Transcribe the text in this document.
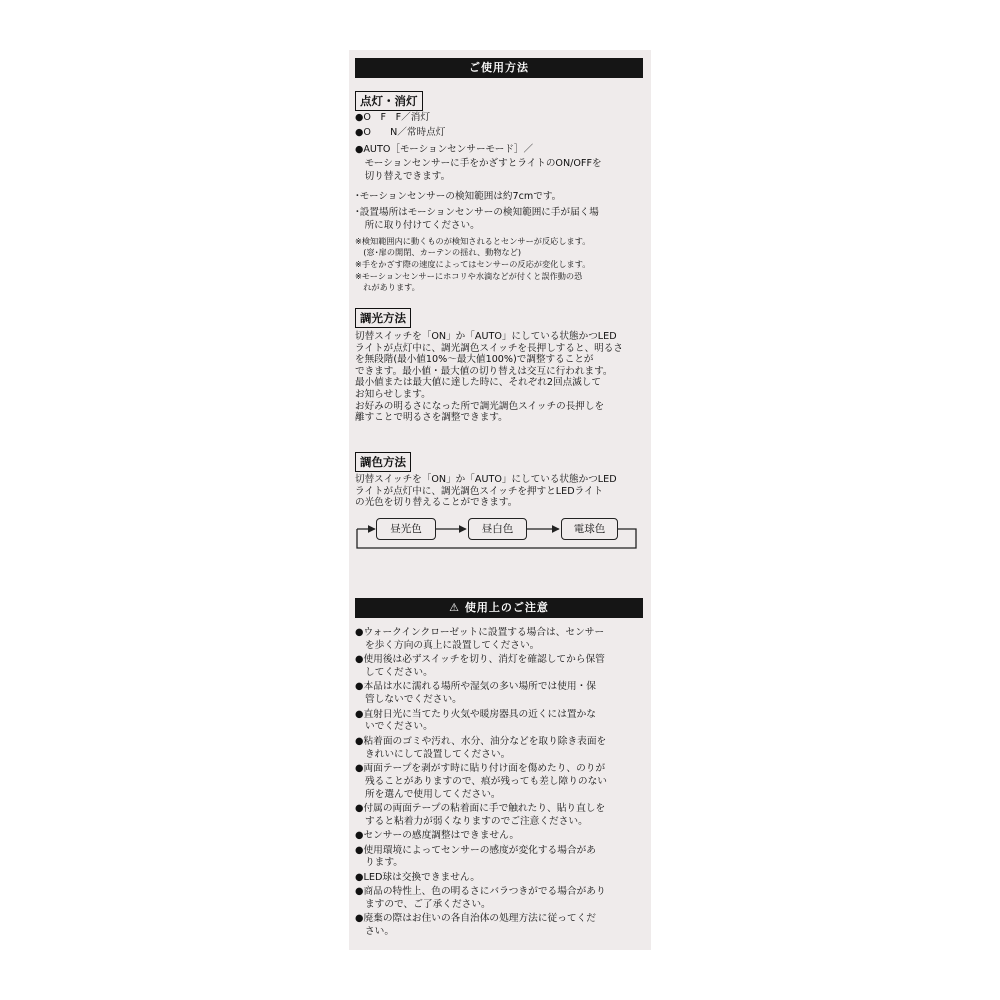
ご使用方法
点灯・消灯
●O　F　F／消灯
●O　　N／常時点灯
●AUTO［モーションセンサーモード］／
　モーションセンサーに手をかざすとライトのON/OFFを
　切り替えできます。
･モーションセンサーの検知範囲は約7cmです。
･設置場所はモーションセンサーの検知範囲に手が届く場
　所に取り付けてください。
※検知範囲内に動くものが検知されるとセンサーが反応します。
　(窓･扉の開閉、カーテンの揺れ、動物など)
※手をかざす際の速度によってはセンサーの反応が変化します。
※モーションセンサーにホコリや水滴などが付くと誤作動の恐
　れがあります。
調光方法
切替スイッチを「ON」か「AUTO」にしている状態かつLED
ライトが点灯中に、調光調色スイッチを長押しすると、明るさ
を無段階(最小値10%～最大値100%)で調整することが
できます。最小値・最大値の切り替えは交互に行われます。
最小値または最大値に達した時に、それぞれ2回点滅して
お知らせします。
お好みの明るさになった所で調光調色スイッチの長押しを
離すことで明るさを調整できます。
調色方法
切替スイッチを「ON」か「AUTO」にしている状態かつLED
ライトが点灯中に、調光調色スイッチを押すとLEDライト
の光色を切り替えることができます。
昼光色	昼白色	電球色
⚠ 使用上のご注意
●ウォークインクローゼットに設置する場合は、センサー
を歩く方向の真上に設置してください。
●使用後は必ずスイッチを切り、消灯を確認してから保管
してください。
●本品は水に濡れる場所や湿気の多い場所では使用・保
管しないでください。
●直射日光に当てたり火気や暖房器具の近くには置かな
いでください。
●粘着面のゴミや汚れ、水分、油分などを取り除き表面を
きれいにして設置してください。
●両面テープを剥がす時に貼り付け面を傷めたり、のりが
残ることがありますので、痕が残っても差し障りのない
所を選んで使用してください。
●付属の両面テープの粘着面に手で触れたり、貼り直しを
すると粘着力が弱くなりますのでご注意ください。
●センサーの感度調整はできません。
●使用環境によってセンサーの感度が変化する場合があ
ります。
●LED球は交換できません。
●商品の特性上、色の明るさにバラつきがでる場合があり
ますので、ご了承ください。
●廃棄の際はお住いの各自治体の処理方法に従ってくだ
さい。
